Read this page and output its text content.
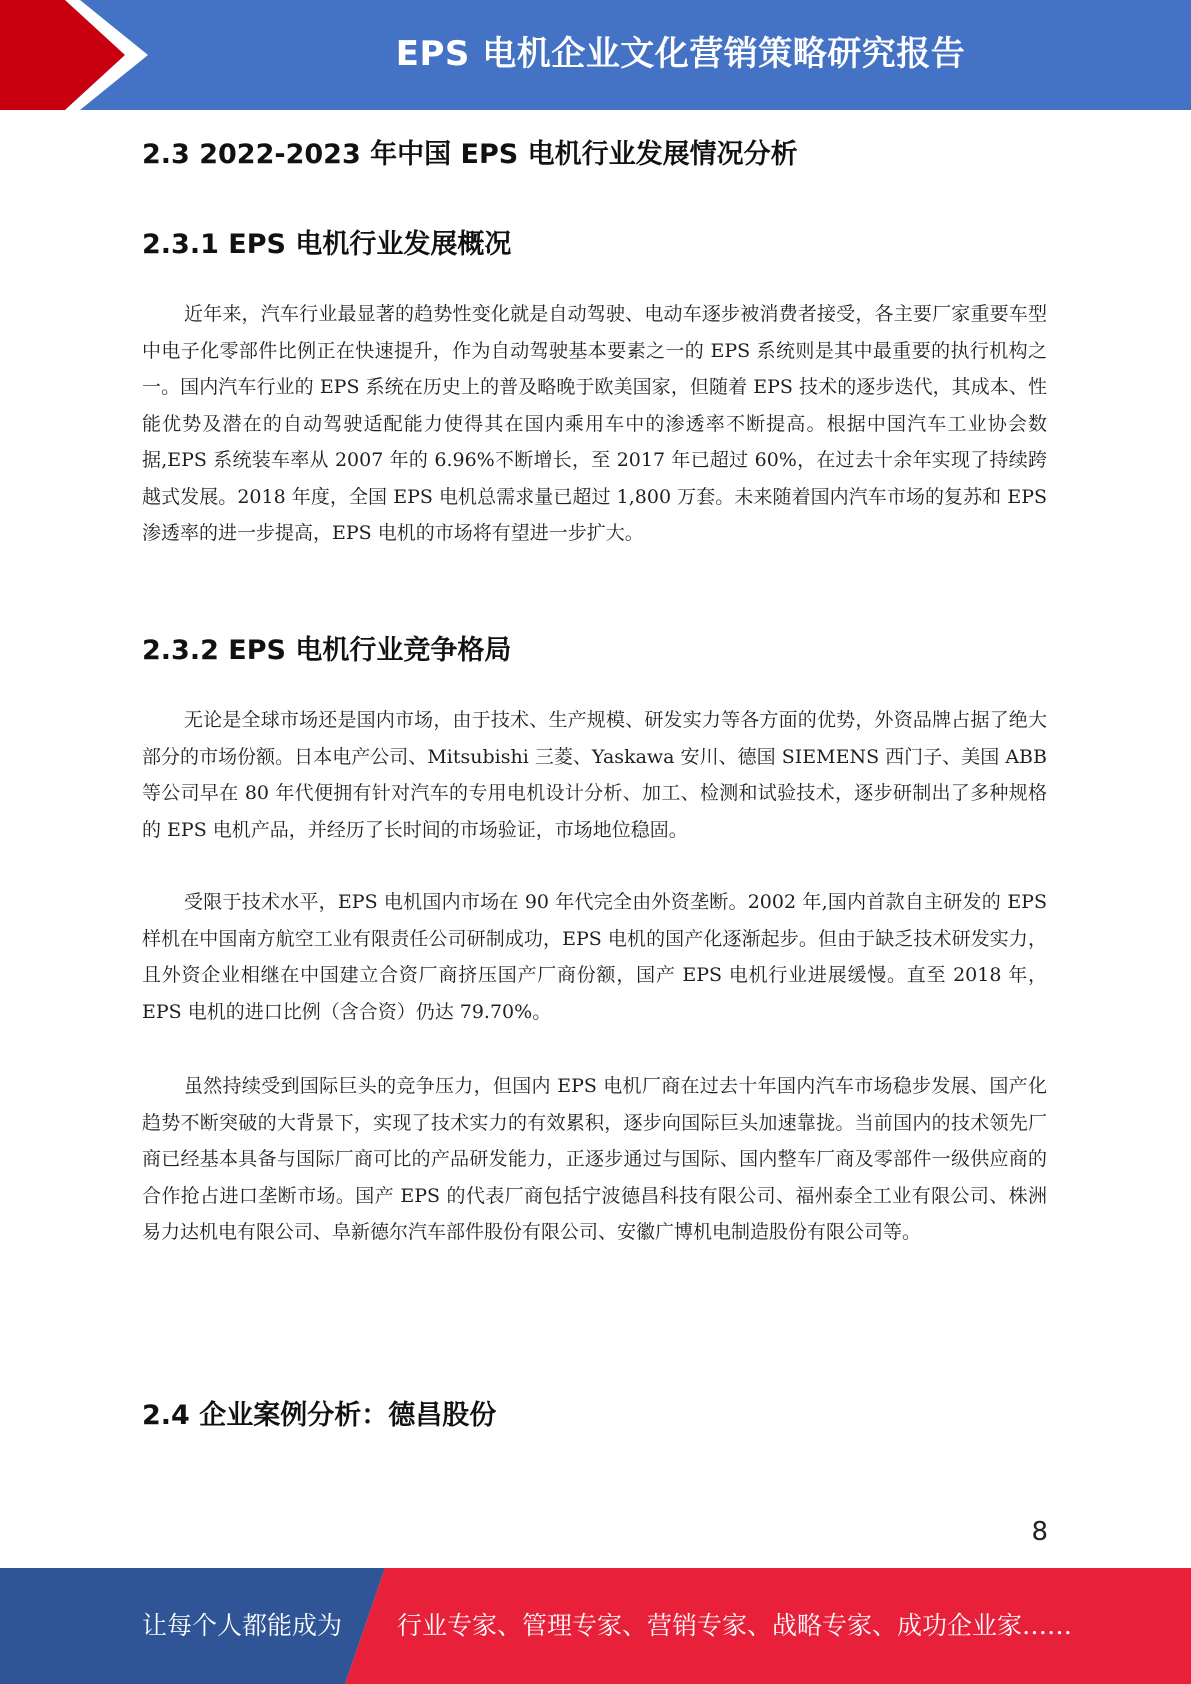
EPS 电机企业文化营销策略研究报告
2.3 2022-2023 年中国 EPS 电机行业发展情况分析
2.3.1 EPS 电机行业发展概况

近年来，汽车行业最显著的趋势性变化就是自动驾驶、电动车逐步被消费者接受，各主要厂家重要车型中电子化零部件比例正在快速提升，作为自动驾驶基本要素之一的 EPS 系统则是其中最重要的执行机构之一。国内汽车行业的 EPS 系统在历史上的普及略晚于欧美国家，但随着 EPS 技术的逐步迭代，其成本、性能优势及潜在的自动驾驶适配能力使得其在国内乘用车中的渗透率不断提高。根据中国汽车工业协会数据,EPS 系统装车率从 2007 年的 6.96%不断增长，至 2017 年已超过 60%，在过去十余年实现了持续跨越式发展。2018 年度，全国 EPS 电机总需求量已超过 1,800 万套。未来随着国内汽车市场的复苏和 EPS 渗透率的进一步提高，EPS 电机的市场将有望进一步扩大。

2.3.2 EPS 电机行业竞争格局

无论是全球市场还是国内市场，由于技术、生产规模、研发实力等各方面的优势，外资品牌占据了绝大部分的市场份额。日本电产公司、Mitsubishi 三菱、Yaskawa 安川、德国 SIEMENS 西门子、美国 ABB 等公司早在 80 年代便拥有针对汽车的专用电机设计分析、加工、检测和试验技术，逐步研制出了多种规格的 EPS 电机产品，并经历了长时间的市场验证，市场地位稳固。

受限于技术水平，EPS 电机国内市场在 90 年代完全由外资垄断。2002 年,国内首款自主研发的 EPS 样机在中国南方航空工业有限责任公司研制成功，EPS 电机的国产化逐渐起步。但由于缺乏技术研发实力，且外资企业相继在中国建立合资厂商挤压国产厂商份额，国产 EPS 电机行业进展缓慢。直至 2018 年，EPS 电机的进口比例（含合资）仍达 79.70%。

虽然持续受到国际巨头的竞争压力，但国内 EPS 电机厂商在过去十年国内汽车市场稳步发展、国产化趋势不断突破的大背景下，实现了技术实力的有效累积，逐步向国际巨头加速靠拢。当前国内的技术领先厂商已经基本具备与国际厂商可比的产品研发能力，正逐步通过与国际、国内整车厂商及零部件一级供应商的合作抢占进口垄断市场。国产 EPS 的代表厂商包括宁波德昌科技有限公司、福州泰全工业有限公司、株洲易力达机电有限公司、阜新德尔汽车部件股份有限公司、安徽广博机电制造股份有限公司等。

2.4 企业案例分析：德昌股份
8
让每个人都能成为 行业专家、管理专家、营销专家、战略专家、成功企业家……
